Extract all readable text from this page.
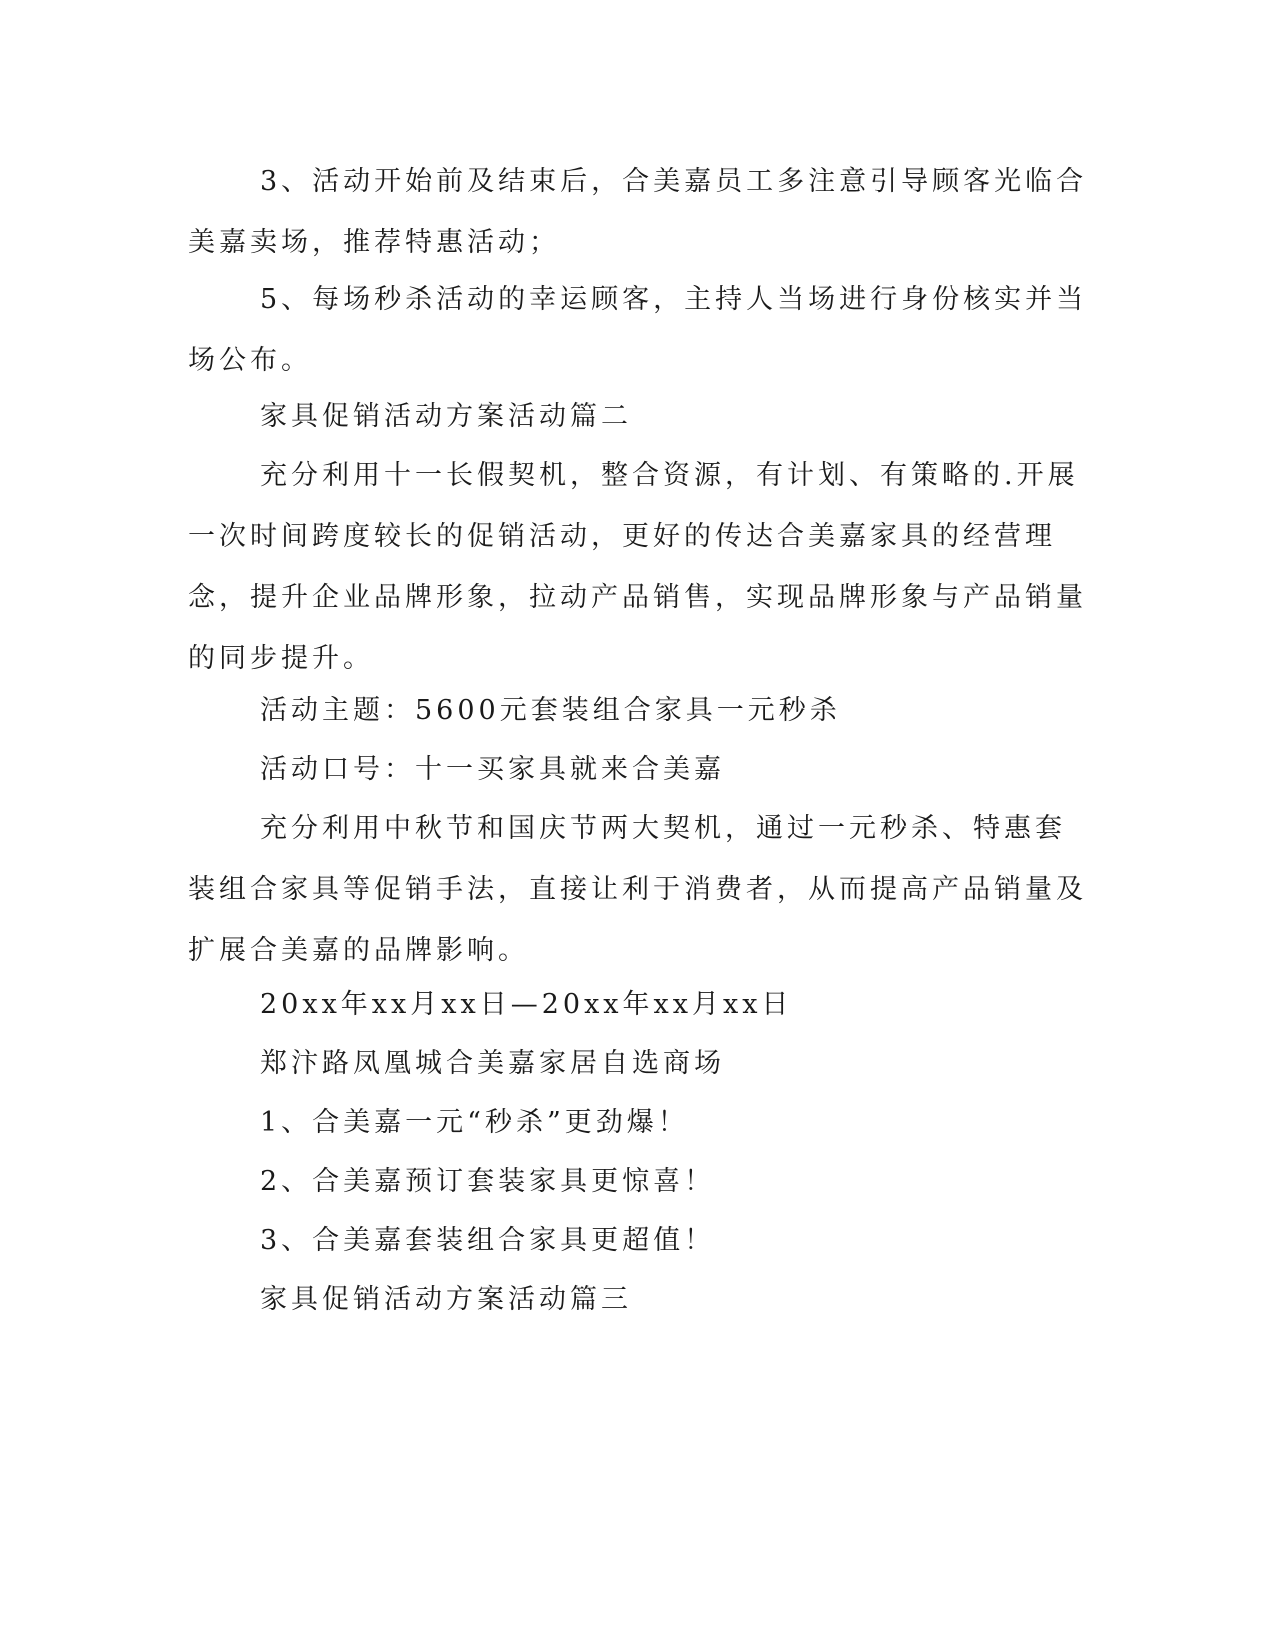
3、活动开始前及结束后，合美嘉员工多注意引导顾客光临合美嘉卖场，推荐特惠活动；

5、每场秒杀活动的幸运顾客，主持人当场进行身份核实并当场公布。

家具促销活动方案活动篇二

充分利用十一长假契机，整合资源，有计划、有策略的.开展一次时间跨度较长的促销活动，更好的传达合美嘉家具的经营理念，提升企业品牌形象，拉动产品销售，实现品牌形象与产品销量的同步提升。

活动主题：5600元套装组合家具一元秒杀

活动口号：十一买家具就来合美嘉

充分利用中秋节和国庆节两大契机，通过一元秒杀、特惠套装组合家具等促销手法，直接让利于消费者，从而提高产品销量及扩展合美嘉的品牌影响。

20xx年xx月xx日—20xx年xx月xx日

郑汴路凤凰城合美嘉家居自选商场

1、合美嘉一元“秒杀”更劲爆！

2、合美嘉预订套装家具更惊喜！

3、合美嘉套装组合家具更超值！

家具促销活动方案活动篇三
